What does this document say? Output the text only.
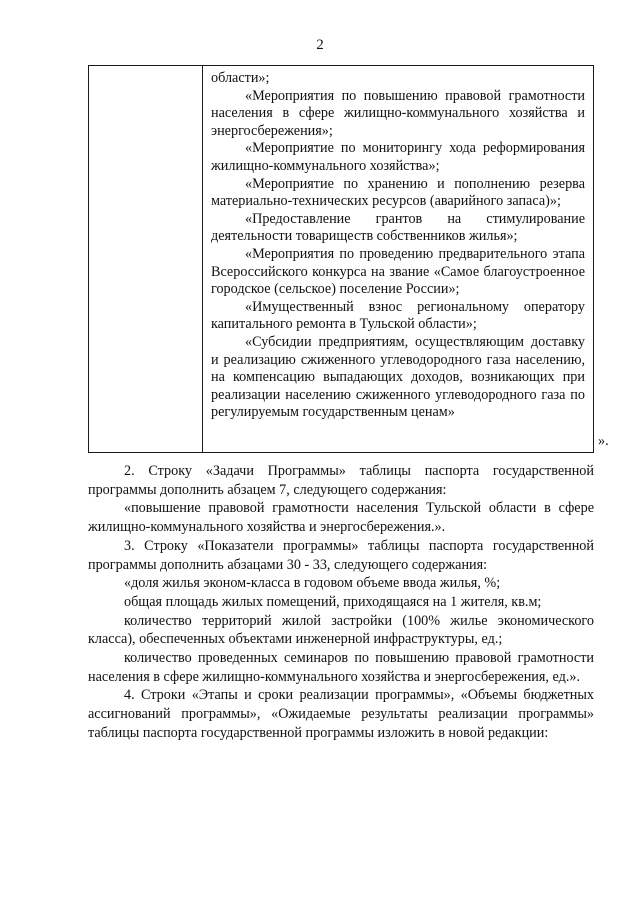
2

области»;

«Мероприятия по повышению правовой грамотности населения в сфере жилищно-коммунального хозяйства и энергосбережения»;

«Мероприятие по мониторингу хода реформирования жилищно-коммунального хозяйства»;

«Мероприятие по хранению и пополнению резерва материально-технических ресурсов (аварийного запаса)»;

«Предоставление грантов на стимулирование деятельности товариществ собственников жилья»;

«Мероприятия по проведению предварительного этапа Всероссийского конкурса на звание «Самое благоустроенное городское (сельское) поселение России»;

«Имущественный взнос региональному оператору капитального ремонта в Тульской области»;

«Субсидии предприятиям, осуществляющим доставку и реализацию сжиженного углеводородного газа населению, на компенсацию выпадающих доходов, возникающих при реализации населению сжиженного углеводородного газа по регулируемым государственным ценам»

».

2. Строку «Задачи Программы» таблицы паспорта государственной программы дополнить абзацем 7, следующего содержания:

«повышение правовой грамотности населения Тульской области в сфере жилищно-коммунального хозяйства и энергосбережения.».

3. Строку «Показатели программы» таблицы паспорта государственной программы дополнить абзацами 30 - 33, следующего содержания:

«доля жилья эконом-класса в годовом объеме ввода жилья, %;

общая площадь жилых помещений, приходящаяся на 1 жителя, кв.м;

количество территорий жилой застройки (100% жилье экономического класса), обеспеченных объектами инженерной инфраструктуры, ед.;

количество проведенных семинаров по повышению правовой грамотности населения в сфере жилищно-коммунального хозяйства и энергосбережения, ед.».

4. Строки «Этапы и сроки реализации программы», «Объемы бюджетных ассигнований программы», «Ожидаемые результаты реализации программы» таблицы паспорта государственной программы изложить в новой редакции:
